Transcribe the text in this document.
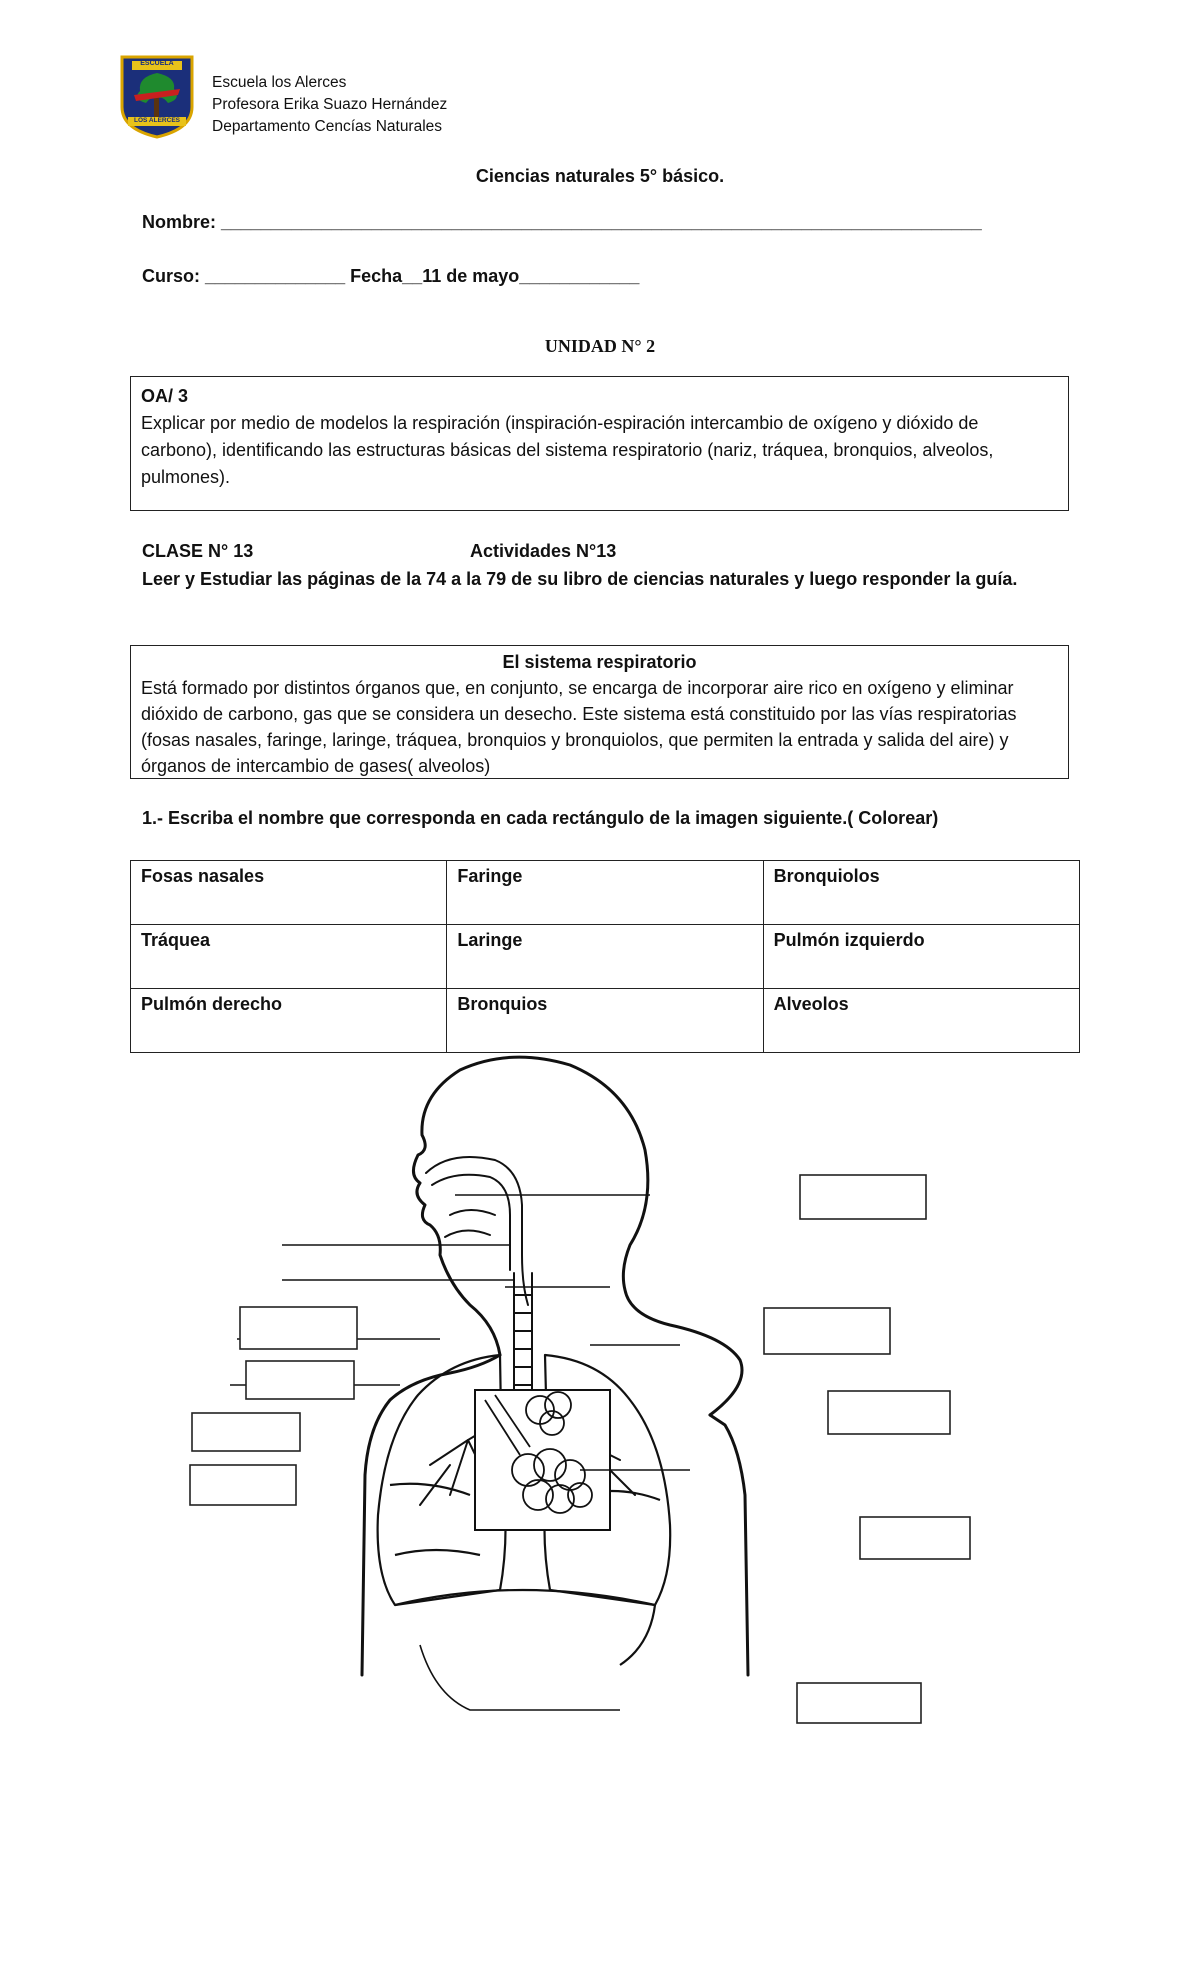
ESCUELA
LOS ALERCES
Escuela los Alerces
Profesora Erika Suazo Hernández
Departamento Cencías Naturales
Ciencias naturales 5° básico.
Nombre: ____________________________________________________________________________
Curso: ______________ Fecha__11 de mayo____________
UNIDAD N° 2
OA/ 3
Explicar por medio de modelos la respiración (inspiración-espiración intercambio de oxígeno y dióxido de carbono), identificando las estructuras básicas del sistema respiratorio (nariz, tráquea, bronquios, alveolos, pulmones).
CLASE N° 13	Actividades N°13
Leer y Estudiar las páginas de la 74 a la 79 de su libro de ciencias naturales y luego responder la guía.
El sistema respiratorio
Está formado por distintos órganos que, en conjunto, se encarga de incorporar aire rico en oxígeno y eliminar dióxido de carbono, gas que se considera un desecho. Este sistema está constituido por las vías respiratorias (fosas nasales, faringe, laringe, tráquea, bronquios y bronquiolos, que permiten la entrada y salida del aire) y órganos de intercambio de gases( alveolos)
1.- Escriba el nombre que corresponda en cada rectángulo de la imagen siguiente.( Colorear)
Fosas nasales	Faringe	Bronquiolos
Tráquea	Laringe	Pulmón izquierdo
Pulmón derecho	Bronquios	Alveolos
